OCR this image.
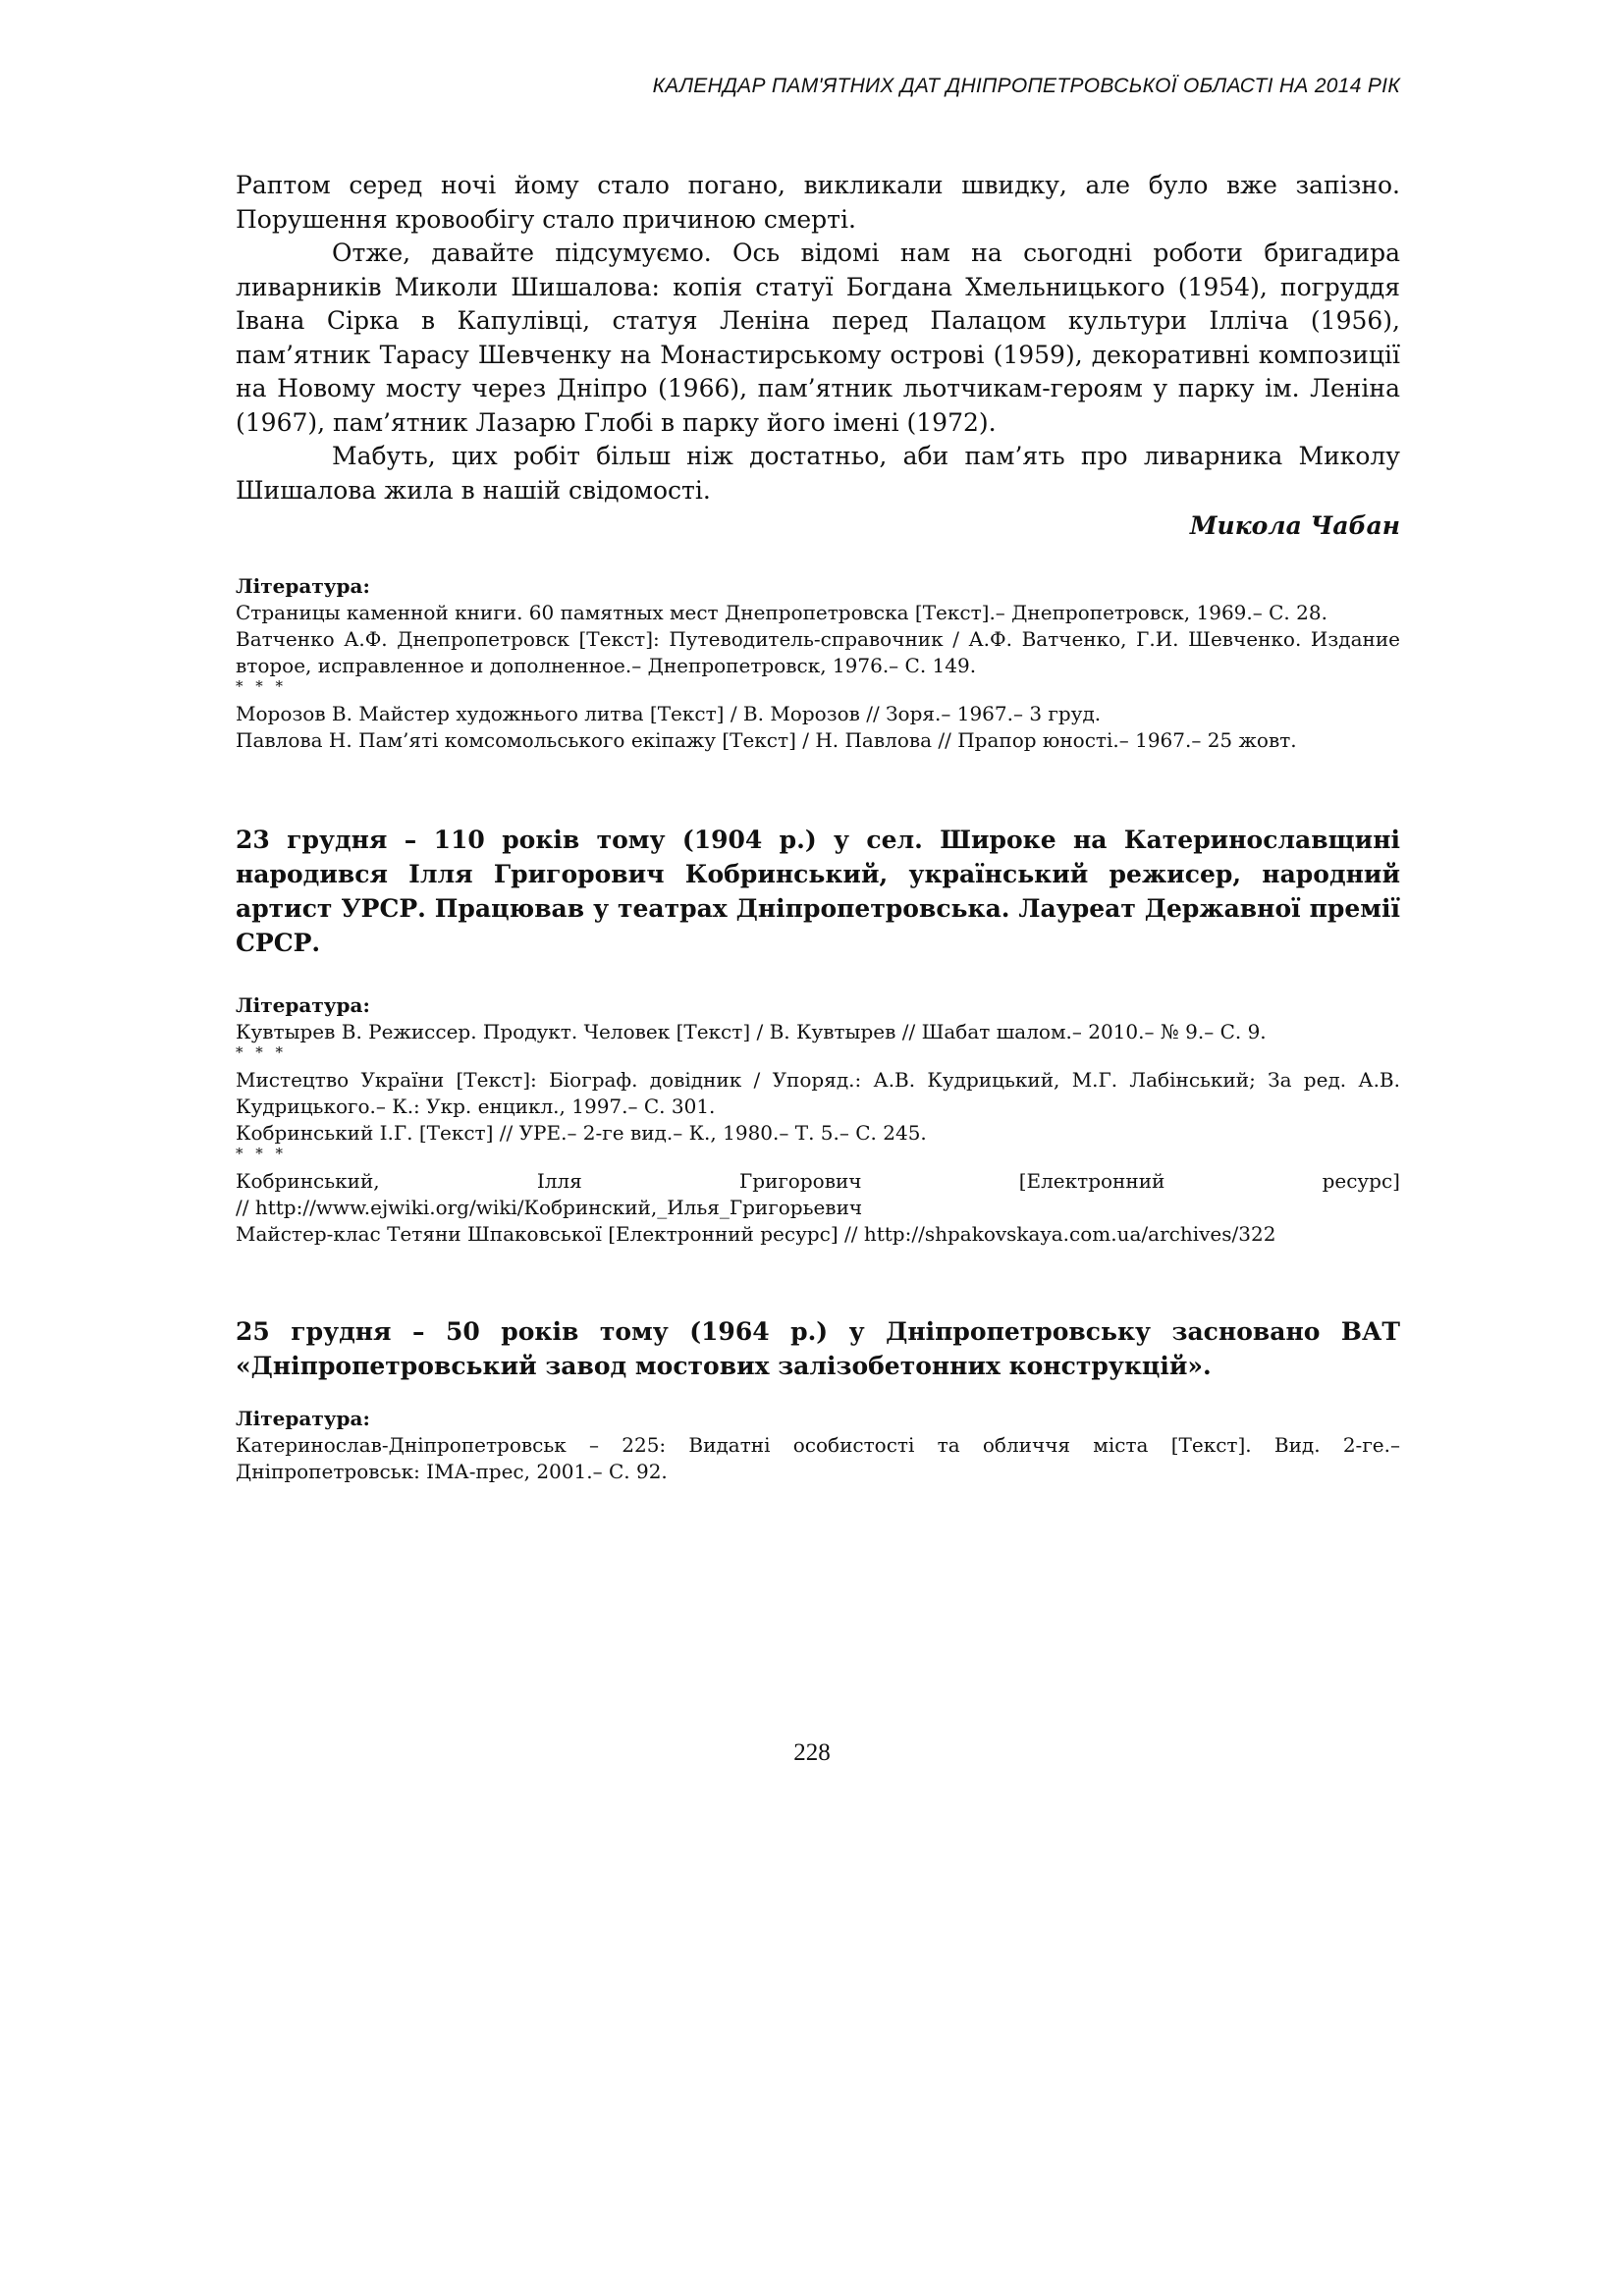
КАЛЕНДАР ПАМ'ЯТНИХ ДАТ ДНІПРОПЕТРОВСЬКОЇ ОБЛАСТІ НА 2014 РІК

Раптом серед ночі йому стало погано, викликали швидку, але було вже запізно. Порушення кровообігу стало причиною смерті.

Отже, давайте підсумуємо. Ось відомі нам на сьогодні роботи бригадира ливарників Миколи Шишалова: копія статуї Богдана Хмельницького (1954), погруддя Івана Сірка в Капулівці, статуя Леніна перед Палацом культури Ілліча (1956), пам’ятник Тарасу Шевченку на Монастирському острові (1959), декоративні композиції на Новому мосту через Дніпро (1966), пам’ятник льотчикам-героям у парку ім. Леніна (1967), пам’ятник Лазарю Глобі в парку його імені (1972).

Мабуть, цих робіт більш ніж достатньо, аби пам’ять про ливарника Миколу Шишалова жила в нашій свідомості.

Микола Чабан
Література:
Страницы каменной книги. 60 памятных мест Днепропетровска [Текст].– Днепропетровск, 1969.– С. 28.
Ватченко А.Ф. Днепропетровск [Текст]: Путеводитель-справочник / А.Ф. Ватченко, Г.И. Шевченко. Издание второе, исправленное и дополненное.– Днепропетровск, 1976.– С. 149.
* * *
Морозов В. Майстер художнього литва [Текст] / В. Морозов // Зоря.– 1967.– 3 груд.
Павлова Н. Пам’яті комсомольського екіпажу [Текст] / Н. Павлова // Прапор юності.– 1967.– 25 жовт.
23 грудня – 110 років тому (1904 р.) у сел. Широке на Катеринославщині народився Ілля Григорович Кобринський, український режисер, народний артист УРСР. Працював у театрах Дніпропетровська. Лауреат Державної премії СРСР.
Література:
Кувтырев В. Режиссер. Продукт. Человек [Текст] / В. Кувтырев // Шабат шалом.– 2010.– № 9.– С. 9.
* * *
Мистецтво України [Текст]: Біограф. довідник / Упоряд.: А.В. Кудрицький, М.Г. Лабінський; За ред. А.В. Кудрицького.– К.: Укр. енцикл., 1997.– С. 301.
Кобринський І.Г. [Текст] // УРЕ.– 2-ге вид.– К., 1980.– Т. 5.– С. 245.
* * *
Кобринський,	Ілля	Григорович	[Електронний	ресурс]
// http://www.ejwiki.org/wiki/Кобринский,_Илья_Григорьевич
Майстер-клас Тетяни Шпаковської [Електронний ресурс] // http://shpakovskaya.com.ua/archives/322
25 грудня – 50 років тому (1964 р.) у Дніпропетровську засновано ВАТ «Дніпропетровський завод мостових залізобетонних конструкцій».
Література:
Катеринослав-Дніпропетровськ – 225: Видатні особистості та обличчя міста [Текст]. Вид. 2-ге.– Дніпропетровськ: ІМА-прес, 2001.– С. 92.
228
